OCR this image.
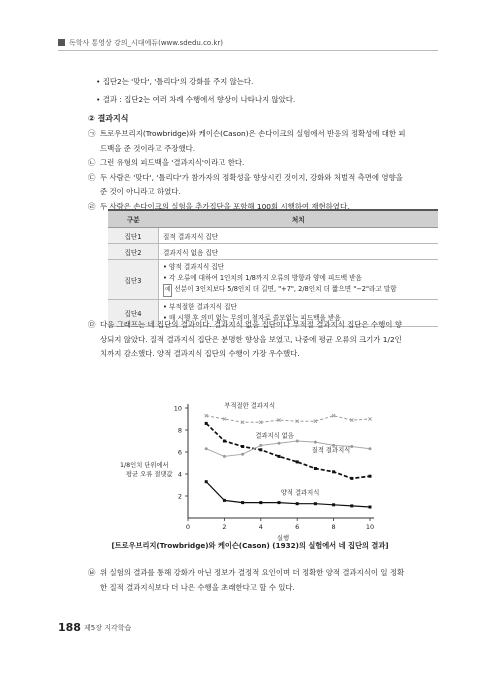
독학사 통영상 강의_시대에듀(www.sdedu.co.kr)
• 집단2는 '맞다', '틀리다'의 강화를 주지 않는다.
• 결과 : 집단2는 여러 차례 수행에서 향상이 나타나지 않았다.
② 결과지식
㉠ 트로우브리지(Trowbridge)와 케이슨(Cason)은 손다이크의 실험에서 반응의 정확성에 대한 피
드백을 준 것이라고 주장했다.
㉡ 그런 유형의 피드백을 '결과지식'이라고 한다.
㉢ 두 사람은 '맞다', '틀리다'가 참가자의 정확성을 향상시킨 것이지, 강화와 처벌적 측면에 영향을
준 것이 아니라고 하였다.
㉣ 두 사람은 손다이크의 실험을 추가집단을 포함해 100회 시행하여 재현하였다.
구분	처치
집단1	질적 결과지식 집단
집단2	결과지식 없음 집단
집단3	• 양적 결과지식 집단
• 각 오류에 대하여 1인치의 1/8까지 오류의 방향과 양에 피드백 받음
예 선분이 3인치보다 5/8인치 더 길면, "+7", 2/8인치 더 짧으면 "−2"라고 말함

집단4	• 부적절한 결과지식 집단
• 매 시행 후 의미 없는 무의미 철자로 쓸모없는 피드백을 받음
㉤ 다음 그래프는 네 집단의 결과이다. 결과지식 없음 집단이나 부적절 결과지식 집단은 수행이 향
상되지 않았다. 질적 결과지식 집단은 분명한 향상을 보였고, 나중에 평균 오류의 크기가 1/2인
치까지 감소했다. 양적 결과지식 집단의 수행이 가장 우수했다.
2
4
6
8
10
0	2	4	6	8	10
실행
1/8인치 단위에서
평균 오류 절댓값
부적절한 결과지식
결과지식 없음
질적 결과지식
양적 결과지식
[트로우브리지(Trowbridge)와 케이슨(Cason) (1932)의 실험에서 네 집단의 결과]
㉥ 위 실험의 결과를 통해 강화가 아닌 정보가 결정적 요인이며 더 정확한 양적 결과지식이 일 정확
한 질적 결과지식보다 더 나은 수행을 초래한다고 할 수 있다.
188 제5장 지각학습
